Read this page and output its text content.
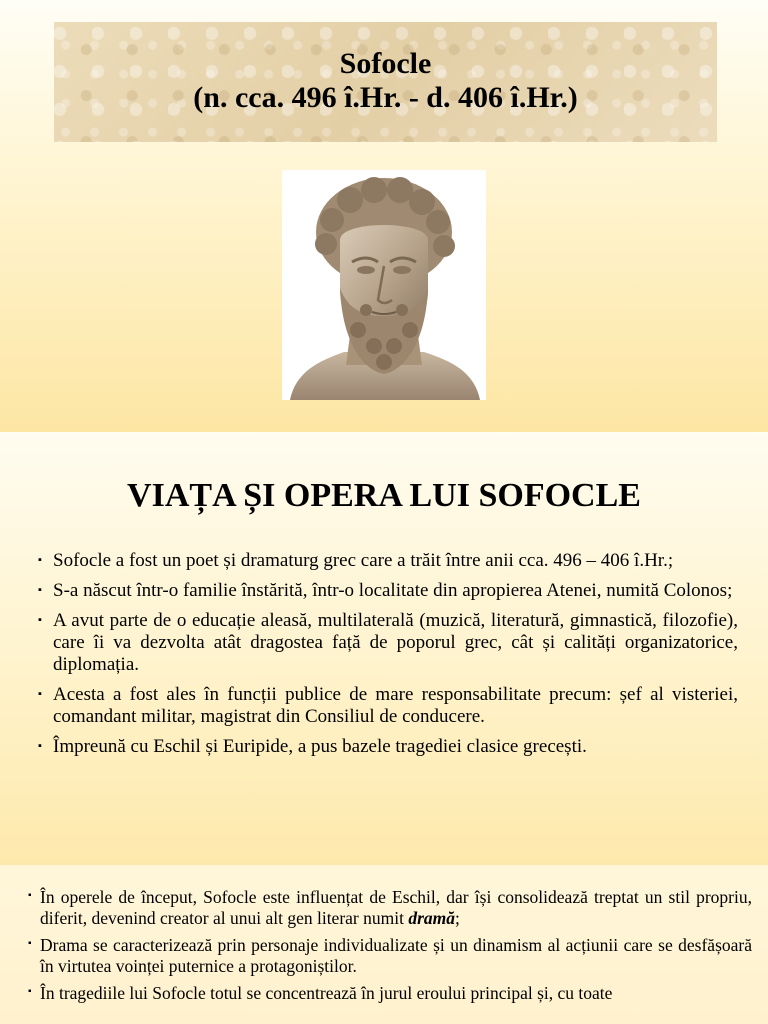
Sofocle
(n. cca. 496 î.Hr. - d. 406 î.Hr.)
VIAȚA ȘI OPERA LUI SOFOCLE
▪ Sofocle a fost un poet și dramaturg grec care a trăit între anii cca. 496 – 406 î.Hr.;
▪ S-a născut într-o familie înstărită, într-o localitate din apropierea Atenei, numită Colonos;
▪ A avut parte de o educație aleasă, multilaterală (muzică, literatură, gimnastică, filozofie), care îi va dezvolta atât dragostea față de poporul grec, cât și calități organizatorice, diplomația.
▪ Acesta a fost ales în funcții publice de mare responsabilitate precum: șef al visteriei, comandant militar, magistrat din Consiliul de conducere.
▪ Împreună cu Eschil și Euripide, a pus bazele tragediei clasice grecești.
▪ În operele de început, Sofocle este influențat de Eschil, dar își consolidează treptat un stil propriu, diferit, devenind creator al unui alt gen literar numit dramă;
▪ Drama se caracterizează prin personaje individualizate și un dinamism al acțiunii care se desfășoară în virtutea voinței puternice a protagoniștilor.
▪ În tragediile lui Sofocle totul se concentrează în jurul eroului principal și, cu toate
